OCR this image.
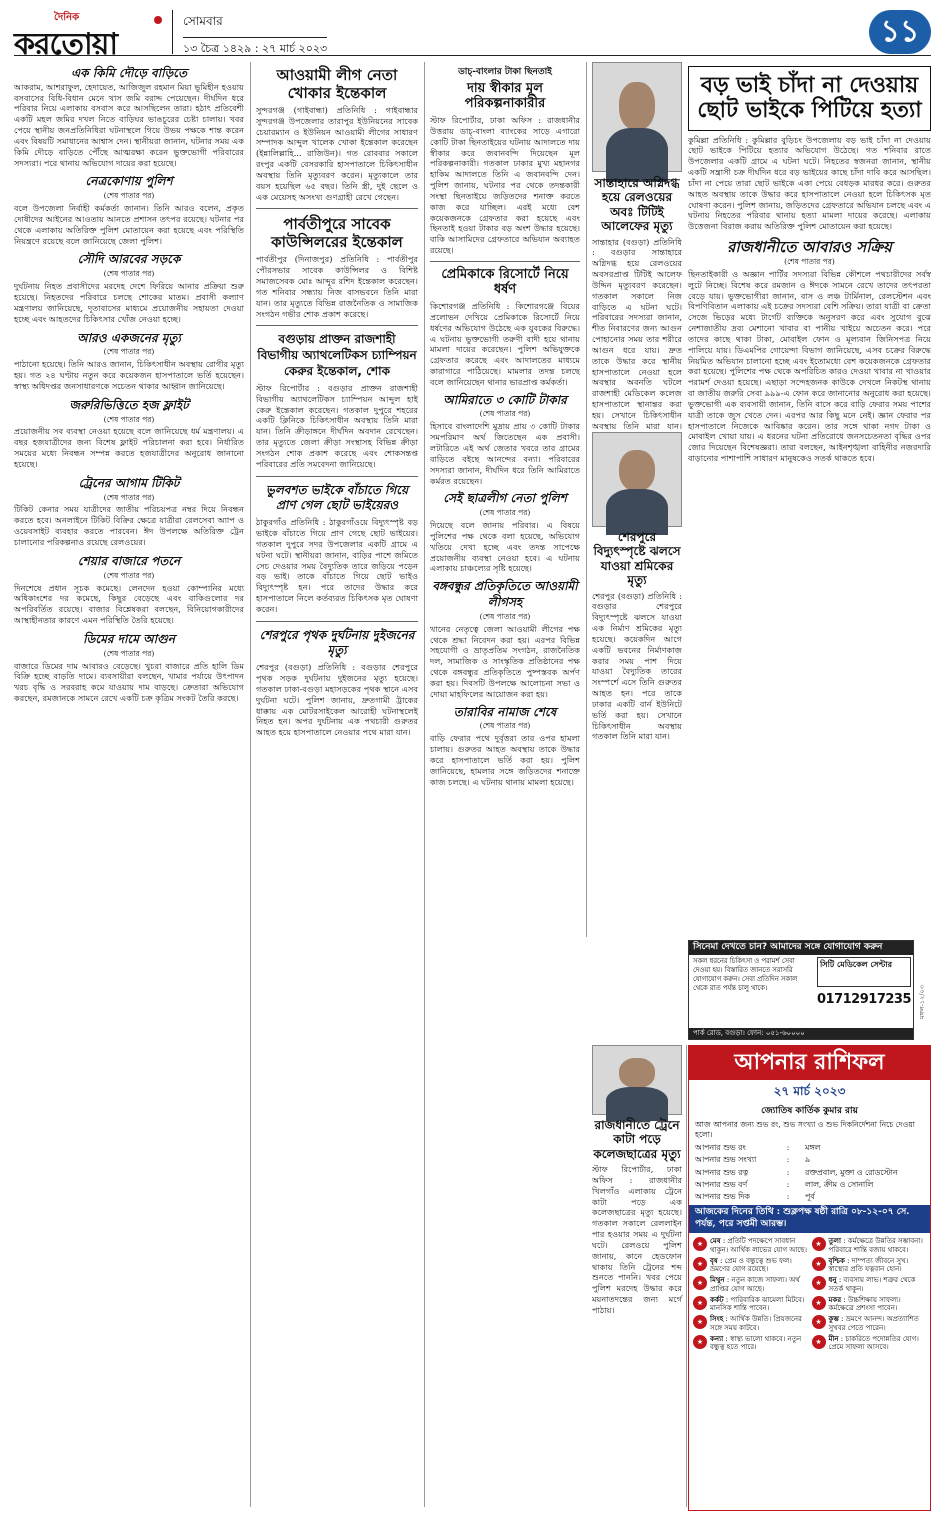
দৈনিক
করতোয়া
সোমবার
১৩ চৈত্র ১৪২৯ : ২৭ মার্চ ২০২৩	১১
এক কিমি দৌড়ে বাড়িতে

আকরাম, আশরাফুল, হেদায়েত, আজিজুল রহমান মিয়া ভূমিহীন হওয়ায় বসবাসের বিধি-বিধান মেনে খাস জমি বরাদ্দ পেয়েছেন। দীর্ঘদিন ধরে পরিবার নিয়ে এলাকায় বসবাস করে আসছিলেন তারা। হঠাৎ প্রতিবেশী একটি মহল জমির দখল নিতে বাড়িঘর ভাঙচুরের চেষ্টা চালায়। খবর পেয়ে স্থানীয় জনপ্রতিনিধিরা ঘটনাস্থলে গিয়ে উভয় পক্ষকে শান্ত করেন এবং বিষয়টি সমাধানের আশ্বাস দেন। স্থানীয়রা জানান, ঘটনার সময় এক কিমি দৌড়ে বাড়িতে পৌঁছে আত্মরক্ষা করেন ভুক্তভোগী পরিবারের সদস্যরা। পরে থানায় অভিযোগ দায়ের করা হয়েছে।

নেত্রকোণায় পুলিশ
(শেষ পাতার পর)

বলে উপজেলা নির্বাহী কর্মকর্তা জানান। তিনি আরও বলেন, প্রকৃত দোষীদের আইনের আওতায় আনতে প্রশাসন তৎপর রয়েছে। ঘটনার পর থেকে এলাকায় অতিরিক্ত পুলিশ মোতায়েন করা হয়েছে এবং পরিস্থিতি নিয়ন্ত্রণে রয়েছে বলে জানিয়েছে জেলা পুলিশ।

সৌদি আরবের সড়কে
(শেষ পাতার পর)

দুর্ঘটনায় নিহত প্রবাসীদের মরদেহ দেশে ফিরিয়ে আনার প্রক্রিয়া শুরু হয়েছে। নিহতদের পরিবারে চলছে শোকের মাতম। প্রবাসী কল্যাণ মন্ত্রণালয় জানিয়েছে, দূতাবাসের মাধ্যমে প্রয়োজনীয় সহায়তা দেওয়া হচ্ছে এবং আহতদের চিকিৎসার খোঁজ নেওয়া হচ্ছে।

আরও একজনের মৃত্যু
(শেষ পাতার পর)

পাঠানো হয়েছে। তিনি আরও জানান, চিকিৎসাধীন অবস্থায় রোগীর মৃত্যু হয়। গত ২৪ ঘণ্টায় নতুন করে কয়েকজন হাসপাতালে ভর্তি হয়েছেন। স্বাস্থ্য অধিদপ্তর জনসাধারণকে সচেতন থাকার আহ্বান জানিয়েছে।

জরুরিভিত্তিতে হজ ফ্লাইট
(শেষ পাতার পর)

প্রয়োজনীয় সব ব্যবস্থা নেওয়া হয়েছে বলে জানিয়েছে ধর্ম মন্ত্রণালয়। এ বছর হজযাত্রীদের জন্য বিশেষ ফ্লাইট পরিচালনা করা হবে। নির্ধারিত সময়ের মধ্যে নিবন্ধন সম্পন্ন করতে হজযাত্রীদের অনুরোধ জানানো হয়েছে।

ট্রেনের আগাম টিকিট
(শেষ পাতার পর)

টিকিট কেনার সময় যাত্রীদের জাতীয় পরিচয়পত্র নম্বর দিয়ে নিবন্ধন করতে হবে। অনলাইনে টিকিট বিক্রির ক্ষেত্রে যাত্রীরা রেলসেবা অ্যাপ ও ওয়েবসাইট ব্যবহার করতে পারবেন। ঈদ উপলক্ষে অতিরিক্ত ট্রেন চালানোর পরিকল্পনাও রয়েছে রেলওয়ের।

শেয়ার বাজারে পতনে
(শেষ পাতার পর)

দিনশেষে প্রধান সূচক কমেছে। লেনদেন হওয়া কোম্পানির মধ্যে অধিকাংশের দর কমেছে, কিছুর বেড়েছে এবং বাকিগুলোর দর অপরিবর্তিত রয়েছে। বাজার বিশ্লেষকরা বলছেন, বিনিয়োগকারীদের আস্থাহীনতার কারণে এমন পরিস্থিতি তৈরি হয়েছে।

ডিমের দামে আগুন
(শেষ পাতার পর)

বাজারে ডিমের দাম আবারও বেড়েছে। খুচরা বাজারে প্রতি হালি ডিম বিক্রি হচ্ছে বাড়তি দামে। ব্যবসায়ীরা বলছেন, খামার পর্যায়ে উৎপাদন খরচ বৃদ্ধি ও সরবরাহ কমে যাওয়ায় দাম বাড়ছে। ক্রেতারা অভিযোগ করছেন, রমজানকে সামনে রেখে একটি চক্র কৃত্রিম সংকট তৈরি করছে।

আওয়ামী লীগ নেতা খোকার ইন্তেকাল

সুন্দরগঞ্জ (গাইবান্ধা) প্রতিনিধি : গাইবান্ধার সুন্দরগঞ্জ উপজেলার তারাপুর ইউনিয়নের সাবেক চেয়ারম্যান ও ইউনিয়ন আওয়ামী লীগের সাধারণ সম্পাদক আব্দুল খালেক খোকা ইন্তেকাল করেছেন (ইন্নালিল্লাহি... রাজিউন)। গত রোববার সকালে রংপুর একটি বেসরকারি হাসপাতালে চিকিৎসাধীন অবস্থায় তিনি মৃত্যুবরণ করেন। মৃত্যুকালে তার বয়স হয়েছিল ৬৫ বছর। তিনি স্ত্রী, দুই ছেলে ও এক মেয়েসহ অসংখ্য গুণগ্রাহী রেখে গেছেন।

পার্বতীপুরে সাবেক কাউন্সিলরের ইন্তেকাল

পার্বতীপুর (দিনাজপুর) প্রতিনিধি : পার্বতীপুর পৌরসভার সাবেক কাউন্সিলর ও বিশিষ্ট সমাজসেবক মোঃ আব্দুর রশিদ ইন্তেকাল করেছেন। গত শনিবার সন্ধ্যায় নিজ বাসভবনে তিনি মারা যান। তার মৃত্যুতে বিভিন্ন রাজনৈতিক ও সামাজিক সংগঠন গভীর শোক প্রকাশ করেছে।

বগুড়ায় প্রাক্তন রাজশাহী বিভাগীয় অ্যাথলেটিকস চ্যাম্পিয়ন কেরুর ইন্তেকাল, শোক

স্টাফ রিপোর্টার : বগুড়ার প্রাক্তন রাজশাহী বিভাগীয় অ্যাথলেটিকস চ্যাম্পিয়ন আব্দুল হাই কেরু ইন্তেকাল করেছেন। গতকাল দুপুরে শহরের একটি ক্লিনিকে চিকিৎসাধীন অবস্থায় তিনি মারা যান। তিনি ক্রীড়াঙ্গনে দীর্ঘদিন অবদান রেখেছেন। তার মৃত্যুতে জেলা ক্রীড়া সংস্থাসহ বিভিন্ন ক্রীড়া সংগঠন শোক প্রকাশ করেছে এবং শোকসন্তপ্ত পরিবারের প্রতি সমবেদনা জানিয়েছে।

ভুলবশত ভাইকে বাঁচাতে গিয়ে প্রাণ গেল ছোট ভাইয়েরও

ঠাকুরগাঁও প্রতিনিধি : ঠাকুরগাঁওয়ে বিদ্যুৎস্পৃষ্ট বড় ভাইকে বাঁচাতে গিয়ে প্রাণ গেছে ছোট ভাইয়ের। গতকাল দুপুরে সদর উপজেলার একটি গ্রামে এ ঘটনা ঘটে। স্থানীয়রা জানান, বাড়ির পাশে জমিতে সেচ দেওয়ার সময় বৈদ্যুতিক তারে জড়িয়ে পড়েন বড় ভাই। তাকে বাঁচাতে গিয়ে ছোট ভাইও বিদ্যুৎস্পৃষ্ট হন। পরে তাদের উদ্ধার করে হাসপাতালে নিলে কর্তব্যরত চিকিৎসক মৃত ঘোষণা করেন।

শেরপুরে পৃথক দুর্ঘটনায় দুইজনের মৃত্যু

শেরপুর (বগুড়া) প্রতিনিধি : বগুড়ার শেরপুরে পৃথক সড়ক দুর্ঘটনায় দুইজনের মৃত্যু হয়েছে। গতকাল ঢাকা-বগুড়া মহাসড়কের পৃথক স্থানে এসব দুর্ঘটনা ঘটে। পুলিশ জানায়, দ্রুতগামী ট্রাকের ধাক্কায় এক মোটরসাইকেল আরোহী ঘটনাস্থলেই নিহত হন। অপর দুর্ঘটনায় এক পথচারী গুরুতর আহত হয়ে হাসপাতালে নেওয়ার পথে মারা যান।

ডাচ্-বাংলার টাকা ছিনতাই
দায় স্বীকার মূল পরিকল্পনাকারীর

স্টাফ রিপোর্টার, ঢাকা অফিস : রাজধানীর উত্তরায় ডাচ্-বাংলা ব্যাংকের সাড়ে এগারো কোটি টাকা ছিনতাইয়ের ঘটনায় আদালতে দায় স্বীকার করে জবানবন্দি দিয়েছেন মূল পরিকল্পনাকারী। গতকাল ঢাকার মুখ্য মহানগর হাকিম আদালতে তিনি এ জবানবন্দি দেন। পুলিশ জানায়, ঘটনার পর থেকে তদন্তকারী সংস্থা ছিনতাইয়ে জড়িতদের শনাক্ত করতে কাজ করে যাচ্ছিল। এরই মধ্যে বেশ কয়েকজনকে গ্রেফতার করা হয়েছে এবং ছিনতাই হওয়া টাকার বড় অংশ উদ্ধার হয়েছে। বাকি আসামিদের গ্রেফতারে অভিযান অব্যাহত রয়েছে।

প্রেমিকাকে রিসোর্টে নিয়ে ধর্ষণ

কিশোরগঞ্জ প্রতিনিধি : কিশোরগঞ্জে বিয়ের প্রলোভন দেখিয়ে প্রেমিকাকে রিসোর্টে নিয়ে ধর্ষণের অভিযোগ উঠেছে এক যুবকের বিরুদ্ধে। এ ঘটনায় ভুক্তভোগী তরুণী বাদী হয়ে থানায় মামলা দায়ের করেছেন। পুলিশ অভিযুক্তকে গ্রেফতার করেছে এবং আদালতের মাধ্যমে কারাগারে পাঠিয়েছে। মামলার তদন্ত চলছে বলে জানিয়েছেন থানার ভারপ্রাপ্ত কর্মকর্তা।

আমিরাতে ৩ কোটি টাকার
(শেষ পাতার পর)

হিসাবে বাংলাদেশি মুদ্রায় প্রায় ৩ কোটি টাকার সমপরিমাণ অর্থ জিতেছেন এক প্রবাসী। লটারিতে এই অর্থ জেতার খবরে তার গ্রামের বাড়িতে বইছে আনন্দের বন্যা। পরিবারের সদস্যরা জানান, দীর্ঘদিন ধরে তিনি আমিরাতে কর্মরত রয়েছেন।

সেই ছাত্রলীগ নেতা পুলিশ
(শেষ পাতার পর)

দিয়েছে বলে জানায় পরিবার। এ বিষয়ে পুলিশের পক্ষ থেকে বলা হয়েছে, অভিযোগ খতিয়ে দেখা হচ্ছে এবং তদন্ত সাপেক্ষে প্রয়োজনীয় ব্যবস্থা নেওয়া হবে। এ ঘটনায় এলাকায় চাঞ্চল্যের সৃষ্টি হয়েছে।

বঙ্গবন্ধুর প্রতিকৃতিতে আওয়ামী লীগসহ
(শেষ পাতার পর)

খানের নেতৃত্বে জেলা আওয়ামী লীগের পক্ষ থেকে শ্রদ্ধা নিবেদন করা হয়। এরপর বিভিন্ন সহযোগী ও ভ্রাতৃপ্রতিম সংগঠন, রাজনৈতিক দল, সামাজিক ও সাংস্কৃতিক প্রতিষ্ঠানের পক্ষ থেকে বঙ্গবন্ধুর প্রতিকৃতিতে পুষ্পস্তবক অর্পণ করা হয়। দিবসটি উপলক্ষে আলোচনা সভা ও দোয়া মাহফিলের আয়োজন করা হয়।

তারাবির নামাজ শেষে
(শেষ পাতার পর)

বাড়ি ফেরার পথে দুর্বৃত্তরা তার ওপর হামলা চালায়। গুরুতর আহত অবস্থায় তাকে উদ্ধার করে হাসপাতালে ভর্তি করা হয়। পুলিশ জানিয়েছে, হামলার সঙ্গে জড়িতদের শনাক্তে কাজ চলছে। এ ঘটনায় থানায় মামলা হয়েছে।

সান্তাহারে অগ্নিদগ্ধ হয়ে রেলওয়ের অবঃ টিটিই আলেফের মৃত্যু

সান্তাহার (বগুড়া) প্রতিনিধি : বগুড়ার সান্তাহারে অগ্নিদগ্ধ হয়ে রেলওয়ের অবসরপ্রাপ্ত টিটিই আলেফ উদ্দিন মৃত্যুবরণ করেছেন। গতকাল সকালে নিজ বাড়িতে এ ঘটনা ঘটে। পরিবারের সদস্যরা জানান, শীত নিবারণের জন্য আগুন পোহানোর সময় তার শরীরে আগুন ধরে যায়। দ্রুত তাকে উদ্ধার করে স্থানীয় হাসপাতালে নেওয়া হলে অবস্থার অবনতি ঘটলে রাজশাহী মেডিকেল কলেজ হাসপাতালে স্থানান্তর করা হয়। সেখানে চিকিৎসাধীন অবস্থায় তিনি মারা যান।

শেরপুরে বিদ্যুৎস্পৃষ্টে ঝলসে যাওয়া শ্রমিকের মৃত্যু

শেরপুর (বগুড়া) প্রতিনিধি : বগুড়ার শেরপুরে বিদ্যুৎস্পৃষ্টে ঝলসে যাওয়া এক নির্মাণ শ্রমিকের মৃত্যু হয়েছে। কয়েকদিন আগে একটি ভবনের নির্মাণকাজ করার সময় পাশ দিয়ে যাওয়া বৈদ্যুতিক তারের সংস্পর্শে এসে তিনি গুরুতর আহত হন। পরে তাকে ঢাকার একটি বার্ন ইউনিটে ভর্তি করা হয়। সেখানে চিকিৎসাধীন অবস্থায় গতকাল তিনি মারা যান।

রাজধানীতে ট্রেনে কাটা পড়ে কলেজছাত্রের মৃত্যু

স্টাফ রিপোর্টার, ঢাকা অফিস : রাজধানীর খিলগাঁও এলাকায় ট্রেনে কাটা পড়ে এক কলেজছাত্রের মৃত্যু হয়েছে। গতকাল সকালে রেললাইন পার হওয়ার সময় এ দুর্ঘটনা ঘটে। রেলওয়ে পুলিশ জানায়, কানে হেডফোন থাকায় তিনি ট্রেনের শব্দ শুনতে পাননি। খবর পেয়ে পুলিশ মরদেহ উদ্ধার করে ময়নাতদন্তের জন্য মর্গে পাঠায়।

বড় ভাই চাঁদা না দেওয়ায় ছোট ভাইকে পিটিয়ে হত্যা

কুমিল্লা প্রতিনিধি : কুমিল্লার বুড়িচং উপজেলায় বড় ভাই চাঁদা না দেওয়ায় ছোট ভাইকে পিটিয়ে হত্যার অভিযোগ উঠেছে। গত শনিবার রাতে উপজেলার একটি গ্রামে এ ঘটনা ঘটে। নিহতের স্বজনরা জানান, স্থানীয় একটি সন্ত্রাসী চক্র দীর্ঘদিন ধরে বড় ভাইয়ের কাছে চাঁদা দাবি করে আসছিল। চাঁদা না পেয়ে তারা ছোট ভাইকে একা পেয়ে বেধড়ক মারধর করে। গুরুতর আহত অবস্থায় তাকে উদ্ধার করে হাসপাতালে নেওয়া হলে চিকিৎসক মৃত ঘোষণা করেন। পুলিশ জানায়, জড়িতদের গ্রেফতারে অভিযান চলছে এবং এ ঘটনায় নিহতের পরিবার থানায় হত্যা মামলা দায়ের করেছে। এলাকায় উত্তেজনা বিরাজ করায় অতিরিক্ত পুলিশ মোতায়েন করা হয়েছে।

রাজধানীতে আবারও সক্রিয়
(শেষ পাতার পর)

ছিনতাইকারী ও অজ্ঞান পার্টির সদস্যরা বিভিন্ন কৌশলে পথচারীদের সর্বস্ব লুটে নিচ্ছে। বিশেষ করে রমজান ও ঈদকে সামনে রেখে তাদের তৎপরতা বেড়ে যায়। ভুক্তভোগীরা জানান, বাস ও লঞ্চ টার্মিনাল, রেলস্টেশন এবং বিপণিবিতান এলাকায় এই চক্রের সদস্যরা বেশি সক্রিয়। তারা যাত্রী বা ক্রেতা সেজে ভিড়ের মধ্যে টার্গেট ব্যক্তিকে অনুসরণ করে এবং সুযোগ বুঝে নেশাজাতীয় দ্রব্য মেশানো খাবার বা পানীয় খাইয়ে অচেতন করে। পরে তাদের কাছে থাকা টাকা, মোবাইল ফোন ও মূল্যবান জিনিসপত্র নিয়ে পালিয়ে যায়। ডিএমপির গোয়েন্দা বিভাগ জানিয়েছে, এসব চক্রের বিরুদ্ধে নিয়মিত অভিযান চালানো হচ্ছে এবং ইতোমধ্যে বেশ কয়েকজনকে গ্রেফতার করা হয়েছে। পুলিশের পক্ষ থেকে অপরিচিত কারও দেওয়া খাবার না খাওয়ার পরামর্শ দেওয়া হয়েছে। এছাড়া সন্দেহজনক কাউকে দেখলে নিকটস্থ থানায় বা জাতীয় জরুরি সেবা ৯৯৯-এ ফোন করে জানানোর অনুরোধ করা হয়েছে। ভুক্তভোগী এক ব্যবসায়ী জানান, তিনি বাসে করে বাড়ি ফেরার সময় পাশের যাত্রী তাকে জুস খেতে দেন। এরপর আর কিছু মনে নেই। জ্ঞান ফেরার পর হাসপাতালে নিজেকে আবিষ্কার করেন। তার সঙ্গে থাকা নগদ টাকা ও মোবাইল খোয়া যায়। এ ধরনের ঘটনা প্রতিরোধে জনসচেতনতা বৃদ্ধির ওপর জোর দিয়েছেন বিশেষজ্ঞরা। তারা বলছেন, আইনশৃঙ্খলা বাহিনীর নজরদারি বাড়ানোর পাশাপাশি সাধারণ মানুষকেও সতর্ক থাকতে হবে।

সিনেমা দেখতে চান? আমাদের সঙ্গে যোগাযোগ করুন
সকল ধরনের চিকিৎসা ও পরামর্শ সেবা দেওয়া হয়। বিস্তারিত জানতে সরাসরি যোগাযোগ করুন। সেবা প্রতিদিন সকাল থেকে রাত পর্যন্ত চালু থাকে।
সিটি মেডিকেল সেন্টার
01712917235
পার্ক রোড, বগুড়া। ফোন: ০৫১-৬০০০০
মঙ্গল-১২/০৩
আপনার রাশিফল
২৭ মার্চ ২০২৩
জ্যোতিষ কার্তিক কুমার রায়
আজ আপনার জন্য শুভ রং, শুভ সংখ্যা ও শুভ দিকনির্দেশনা নিচে দেওয়া হলো।
আপনার শুভ রং	:	মঙ্গল
আপনার শুভ সংখ্যা	:	৯
আপনার শুভ রত্ন	:	রক্তপ্রবাল, মুক্তা ও রোডস্টোন
আপনার শুভ বর্ণ	:	লাল, ক্রীম ও সোনালি
আপনার শুভ দিক	:	পূর্ব
আজকের দিনের তিথি : শুক্লপক্ষ ষষ্ঠী রাত্রি ০৮-১২-০৭ সে. পর্যন্ত, পরে সপ্তমী আরম্ভ।
★ মেষ : প্রতিটি পদক্ষেপে সাবধান থাকুন। আর্থিক লাভের যোগ আছে।
★ তুলা : কর্মক্ষেত্রে উন্নতির সম্ভাবনা। পরিবারে শান্তি বজায় থাকবে।
★ বৃষ : প্রেম ও বন্ধুত্বে শুভ ফল। ভ্রমণের যোগ রয়েছে।
★ বৃশ্চিক : দাম্পত্য জীবনে সুখ। স্বাস্থ্যের প্রতি যত্নবান হোন।
★ মিথুন : নতুন কাজে সাফল্য। অর্থ প্রাপ্তির যোগ আছে।
★ ধনু : ব্যবসায় লাভ। শত্রুর থেকে সতর্ক থাকুন।
★ কর্কট : পারিবারিক ঝামেলা মিটবে। মানসিক শান্তি পাবেন।
★ মকর : উচ্চশিক্ষায় সাফল্য। কর্মক্ষেত্রে প্রশংসা পাবেন।
★ সিংহ : আর্থিক উন্নতি। প্রিয়জনের সঙ্গে সময় কাটবে।
★ কুম্ভ : ভ্রমণে আনন্দ। অপ্রত্যাশিত সুখবর পেতে পারেন।
★ কন্যা : স্বাস্থ্য ভালো থাকবে। নতুন বন্ধুত্ব হতে পারে।
★ মীন : চাকরিতে পদোন্নতির যোগ। প্রেমে সাফল্য আসবে।
